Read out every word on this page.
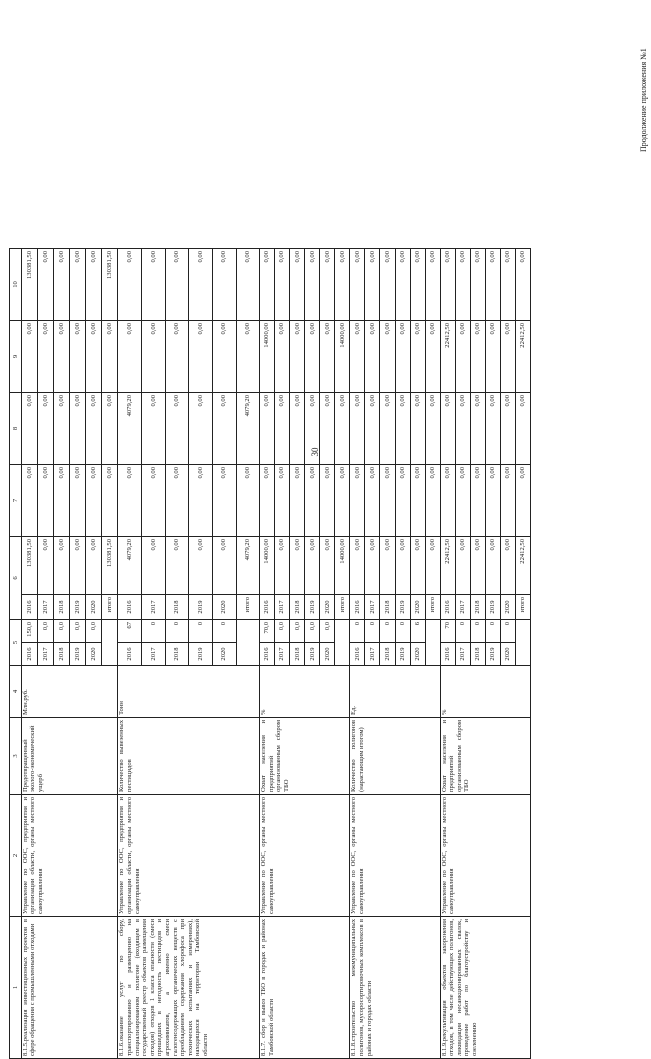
30
Продолжение приложения №1
1	2	3	4	5		6		7	8	9	10
8.1.5.реализация инвестиционных проектов в сфере обращения с промышленными отходами	Управление по ООС, предприятия и организации области, органы местного самоуправления	Предотвращенный эколого-экономический ущерб	Млн.руб.	2016	150,0	2016	130381,50	0,00	0,00	0,00	130381,50
				2017	0,0	2017	0,00	0,00	0,00	0,00	0,00
				2018	0,0	2018	0,00	0,00	0,00	0,00	0,00
				2019	0,0	2019	0,00	0,00	0,00	0,00	0,00
				2020	0,0	2020	0,00	0,00	0,00	0,00	0,00
						итого	130381,50	0,00	0,00	0,00	130381,50
8.1.6.оказание услуг по сбору, транспортированию и размещению на специализированном полигоне (входящем в государственный реестр объектов размещения отходов) отходов 1 класса опасности (смеси пришедших в негодность пестицидов и агрохимикатов, а именно смеси галогенсодержащих органических веществ с преобладанием содержания хлорофоса при технических испытаниях и измерениях), находящихся на территории Тамбовской области	Управление по ООС, предприятия и организации области, органы местного самоуправления	Количество вывезенных пестицидов	Тонн	2016	67	2016	4079,20	0,00	4079,20	0,00	0,00
				2017	0	2017	0,00	0,00	0,00	0,00	0,00
				2018	0	2018	0,00	0,00	0,00	0,00	0,00
				2019	0	2019	0,00	0,00	0,00	0,00	0,00
				2020	0	2020	0,00	0,00	0,00	0,00	0,00
						итого	4079,20	0,00	4079,20	0,00	0,00
8.1.7. сбор и вывоз ТБО в городах и районах Тамбовской области	Управление по ООС, органы местного самоуправления	Охват населения и предприятий организованным сбором ТБО	%	2016	70,0	2016	14000,00	0,00	0,00	14000,00	0,00
				2017	0,0	2017	0,00	0,00	0,00	0,00	0,00
				2018	0,0	2018	0,00	0,00	0,00	0,00	0,00
				2019	0,0	2019	0,00	0,00	0,00	0,00	0,00
				2020	0,0	2020	0,00	0,00	0,00	0,00	0,00
						итого	14000,00	0,00	0,00	14000,00	0,00
8.1.8.строительство межмуниципальных полигонов, мусоросортировочных комплексов в районах и городах области	Управление по ООС, органы местного самоуправления	Количество полигонов (нарастающим итогом)	Ед.	2016	0	2016	0,00	0,00	0,00	0,00	0,00
				2017	0	2017	0,00	0,00	0,00	0,00	0,00
				2018	0	2018	0,00	0,00	0,00	0,00	0,00
				2019	0	2019	0,00	0,00	0,00	0,00	0,00
				2020	6	2020	0,00	0,00	0,00	0,00	0,00
						итого	0,00	0,00	0,00	0,00	0,00
8.1.9.рекультивация объектов захоронения отходов, в том числе действующих полигонов, ликвидация несанкционированных свалок, проведение работ по благоустройству и озеленению	Управление по ООС, органы местного самоуправления	Охват населения и предприятий организованным сбором ТБО	%	2016	70	2016	22412,50	0,00	0,00	22412,50	0,00
				2017	0	2017	0,00	0,00	0,00	0,00	0,00
				2018	0	2018	0,00	0,00	0,00	0,00	0,00
				2019	0	2019	0,00	0,00	0,00	0,00	0,00
				2020	0	2020	0,00	0,00	0,00	0,00	0,00
						итого	22412,50	0,00	0,00	22412,50	0,00
